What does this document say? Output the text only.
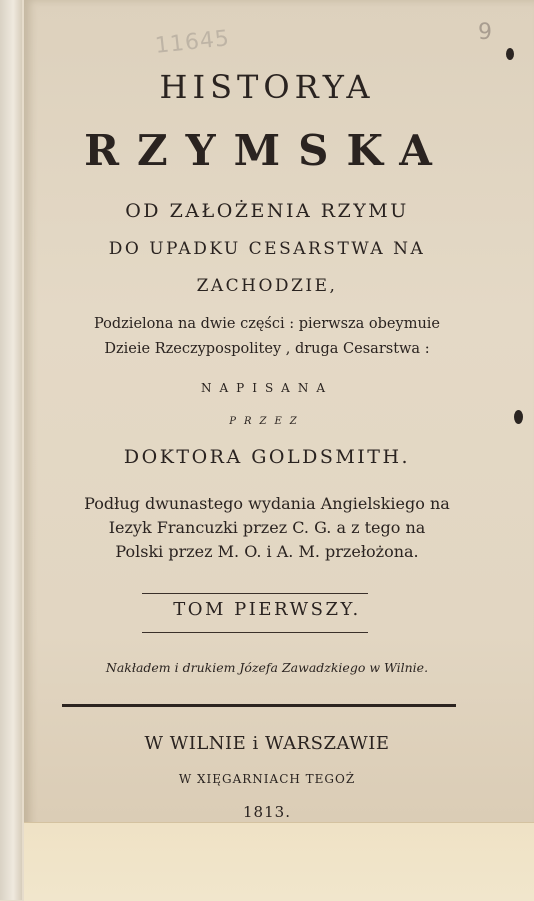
11645	9
HISTORYA
RZYMSKA
OD ZAŁOŻENIA RZYMU
DO UPADKU CESARSTWA NA
ZACHODZIE,
Podzielona na dwie części : pierwsza obeymuie
Dzieie Rzeczypospolitey , druga Cesarstwa :
NAPISANA
PRZEZ
DOKTORA GOLDSMITH.
Podług dwunastego wydania Angielskiego na
Iezyk Francuzki przez C. G. a z tego na
Polski przez M. O. i A. M. przełożona.
TOM PIERWSZY.
Nakładem i drukiem Józefa Zawadzkiego w Wilnie.
W WILNIE i WARSZAWIE
W XIĘGARNIACH TEGOŻ
1813.
